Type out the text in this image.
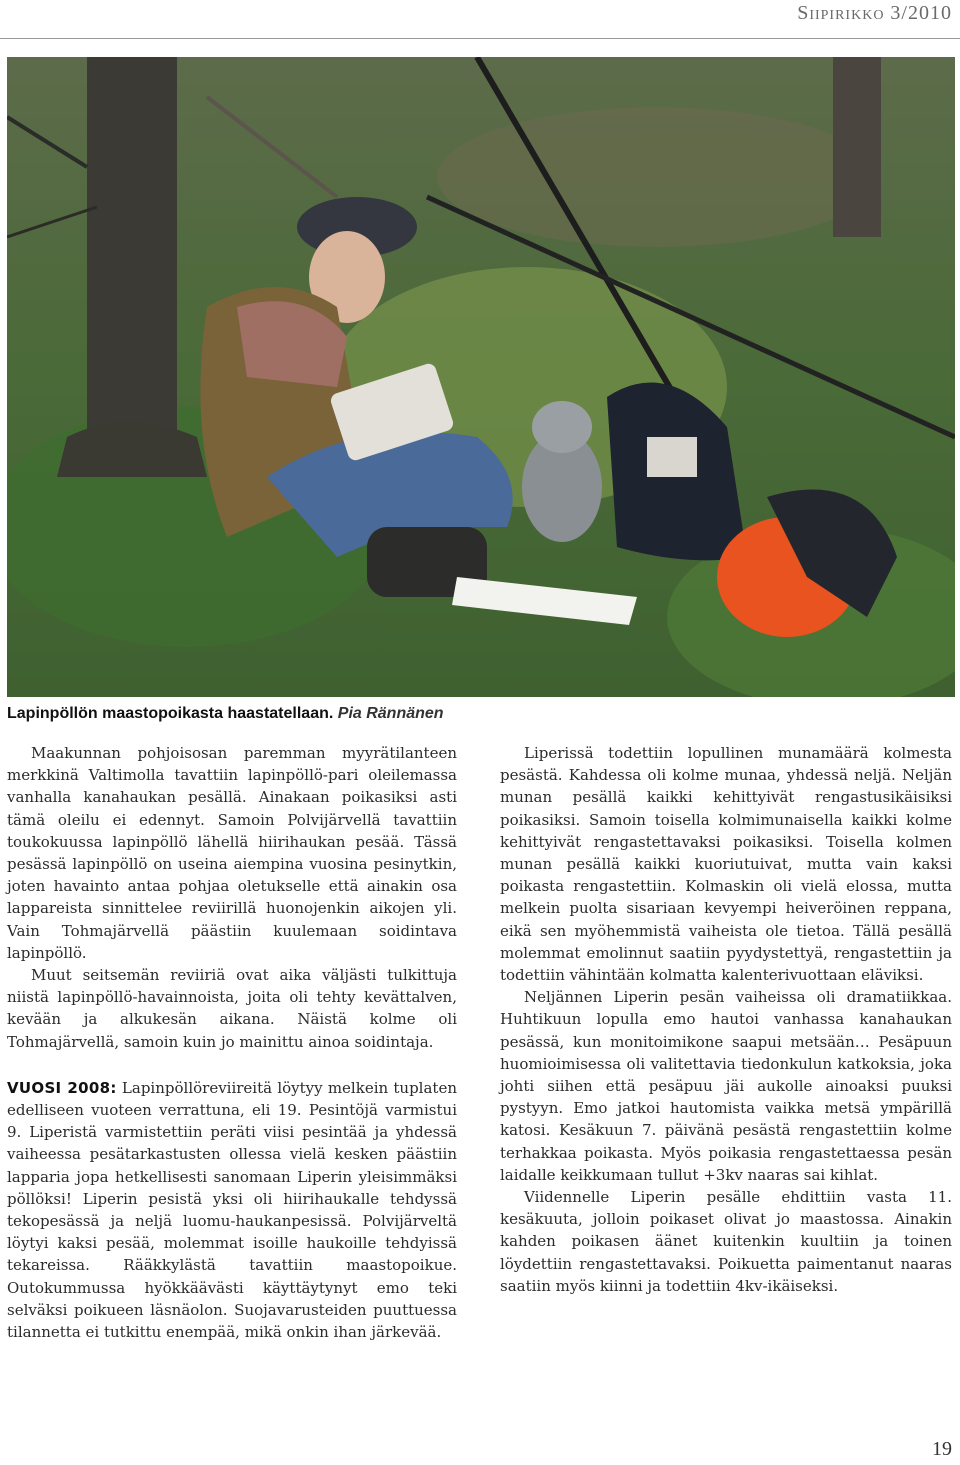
Siipirikko 3/2010
Lapinpöllön maastopoikasta haastatellaan. Pia Rännänen

Maakunnan pohjoisosan paremman myyrätilanteen merkkinä Valtimolla tavattiin lapinpöllö-pari oleilemassa vanhalla kanahaukan pesällä. Ainakaan poikasiksi asti tämä oleilu ei edennyt. Samoin Polvijärvellä tavattiin toukokuussa lapinpöllö lähellä hiirihaukan pesää. Tässä pesässä lapinpöllö on useina aiempina vuosina pesinytkin, joten havainto antaa pohjaa oletukselle että ainakin osa lappareista sinnittelee reviirillä huonojenkin aikojen yli. Vain Tohmajärvellä päästiin kuulemaan soidintava lapinpöllö.

Muut seitsemän reviiriä ovat aika väljästi tulkittuja niistä lapinpöllö-havainnoista, joita oli tehty kevättalven, kevään ja alkukesän aikana. Näistä kolme oli Tohmajärvellä, samoin kuin jo mainittu ainoa soidintaja.

VUOSI 2008: Lapinpöllöreviireitä löytyy melkein tuplaten edelliseen vuoteen verrattuna, eli 19. Pesintöjä varmistui 9. Liperistä varmistettiin peräti viisi pesintää ja yhdessä vaiheessa pesätarkastusten ollessa vielä kesken päästiin lapparia jopa hetkellisesti sanomaan Liperin yleisimmäksi pöllöksi! Liperin pesistä yksi oli hiirihaukalle tehdyssä tekopesässä ja neljä luomu-haukanpesissä. Polvijärveltä löytyi kaksi pesää, molemmat isoille haukoille tehdyissä tekareissa. Rääkkylästä tavattiin maastopoikue. Outokummussa hyökkäävästi käyttäytynyt emo teki selväksi poikueen läsnäolon. Suojavarusteiden puuttuessa tilannetta ei tutkittu enempää, mikä onkin ihan järkevää.

Liperissä todettiin lopullinen munamäärä kolmesta pesästä. Kahdessa oli kolme munaa, yhdessä neljä. Neljän munan pesällä kaikki kehittyivät rengastusikäisiksi poikasiksi. Samoin toisella kolmimunaisella kaikki kolme kehittyivät rengastettavaksi poikasiksi. Toisella kolmen munan pesällä kaikki kuoriutuivat, mutta vain kaksi poikasta rengastettiin. Kolmaskin oli vielä elossa, mutta melkein puolta sisariaan kevyempi heiveröinen reppana, eikä sen myöhemmistä vaiheista ole tietoa. Tällä pesällä molemmat emolinnut saatiin pyydystettyä, rengastettiin ja todettiin vähintään kolmatta kalenterivuottaan eläviksi.

Neljännen Liperin pesän vaiheissa oli dramatiikkaa. Huhtikuun lopulla emo hautoi vanhassa kanahaukan pesässä, kun monitoimikone saapui metsään… Pesäpuun huomioimisessa oli valitettavia tiedonkulun katkoksia, joka johti siihen että pesäpuu jäi aukolle ainoaksi puuksi pystyyn. Emo jatkoi hautomista vaikka metsä ympärillä katosi. Kesäkuun 7. päivänä pesästä rengastettiin kolme terhakkaa poikasta. Myös poikasia rengastettaessa pesän laidalle keikkumaan tullut +3kv naaras sai kihlat.

Viidennelle Liperin pesälle ehdittiin vasta 11. kesäkuuta, jolloin poikaset olivat jo maastossa. Ainakin kahden poikasen äänet kuitenkin kuultiin ja toinen löydettiin rengastettavaksi. Poikuetta paimentanut naaras saatiin myös kiinni ja todettiin 4kv-ikäiseksi.

19
